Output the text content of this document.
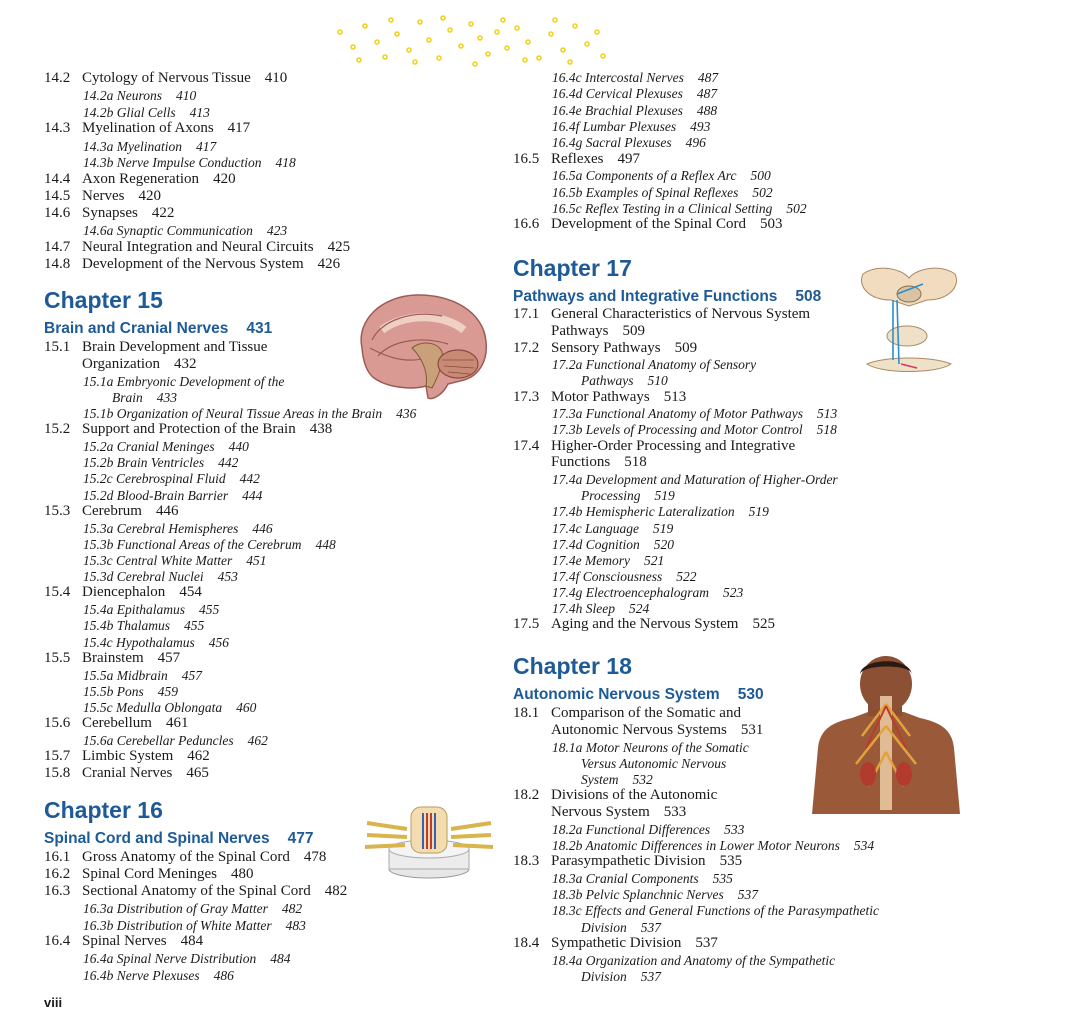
14.2 Cytology of Nervous Tissue 410
14.2a Neurons 410
14.2b Glial Cells 413
14.3 Myelination of Axons 417
14.3a Myelination 417
14.3b Nerve Impulse Conduction 418
14.4 Axon Regeneration 420
14.5 Nerves 420
14.6 Synapses 422
14.6a Synaptic Communication 423
14.7 Neural Integration and Neural Circuits 425
14.8 Development of the Nervous System 426
Chapter 15
Brain and Cranial Nerves 431
15.1 Brain Development and Tissue
Organization 432
15.1a Embryonic Development of the
Brain 433
15.1b Organization of Neural Tissue Areas in the Brain 436
15.2 Support and Protection of the Brain 438
15.2a Cranial Meninges 440
15.2b Brain Ventricles 442
15.2c Cerebrospinal Fluid 442
15.2d Blood-Brain Barrier 444
15.3 Cerebrum 446
15.3a Cerebral Hemispheres 446
15.3b Functional Areas of the Cerebrum 448
15.3c Central White Matter 451
15.3d Cerebral Nuclei 453
15.4 Diencephalon 454
15.4a Epithalamus 455
15.4b Thalamus 455
15.4c Hypothalamus 456
15.5 Brainstem 457
15.5a Midbrain 457
15.5b Pons 459
15.5c Medulla Oblongata 460
15.6 Cerebellum 461
15.6a Cerebellar Peduncles 462
15.7 Limbic System 462
15.8 Cranial Nerves 465
Chapter 16
Spinal Cord and Spinal Nerves 477
16.1 Gross Anatomy of the Spinal Cord 478
16.2 Spinal Cord Meninges 480
16.3 Sectional Anatomy of the Spinal Cord 482
16.3a Distribution of Gray Matter 482
16.3b Distribution of White Matter 483
16.4 Spinal Nerves 484
16.4a Spinal Nerve Distribution 484
16.4b Nerve Plexuses 486
16.4c Intercostal Nerves 487
16.4d Cervical Plexuses 487
16.4e Brachial Plexuses 488
16.4f Lumbar Plexuses 493
16.4g Sacral Plexuses 496
16.5 Reflexes 497
16.5a Components of a Reflex Arc 500
16.5b Examples of Spinal Reflexes 502
16.5c Reflex Testing in a Clinical Setting 502
16.6 Development of the Spinal Cord 503
Chapter 17
Pathways and Integrative Functions 508
17.1 General Characteristics of Nervous System
Pathways 509
17.2 Sensory Pathways 509
17.2a Functional Anatomy of Sensory
Pathways 510
17.3 Motor Pathways 513
17.3a Functional Anatomy of Motor Pathways 513
17.3b Levels of Processing and Motor Control 518
17.4 Higher-Order Processing and Integrative
Functions 518
17.4a Development and Maturation of Higher-Order
Processing 519
17.4b Hemispheric Lateralization 519
17.4c Language 519
17.4d Cognition 520
17.4e Memory 521
17.4f Consciousness 522
17.4g Electroencephalogram 523
17.4h Sleep 524
17.5 Aging and the Nervous System 525
Chapter 18
Autonomic Nervous System 530
18.1 Comparison of the Somatic and
Autonomic Nervous Systems 531
18.1a Motor Neurons of the Somatic
Versus Autonomic Nervous
System 532
18.2 Divisions of the Autonomic
Nervous System 533
18.2a Functional Differences 533
18.2b Anatomic Differences in Lower Motor Neurons 534
18.3 Parasympathetic Division 535
18.3a Cranial Components 535
18.3b Pelvic Splanchnic Nerves 537
18.3c Effects and General Functions of the Parasympathetic
Division 537
18.4 Sympathetic Division 537
18.4a Organization and Anatomy of the Sympathetic
Division 537
viii
